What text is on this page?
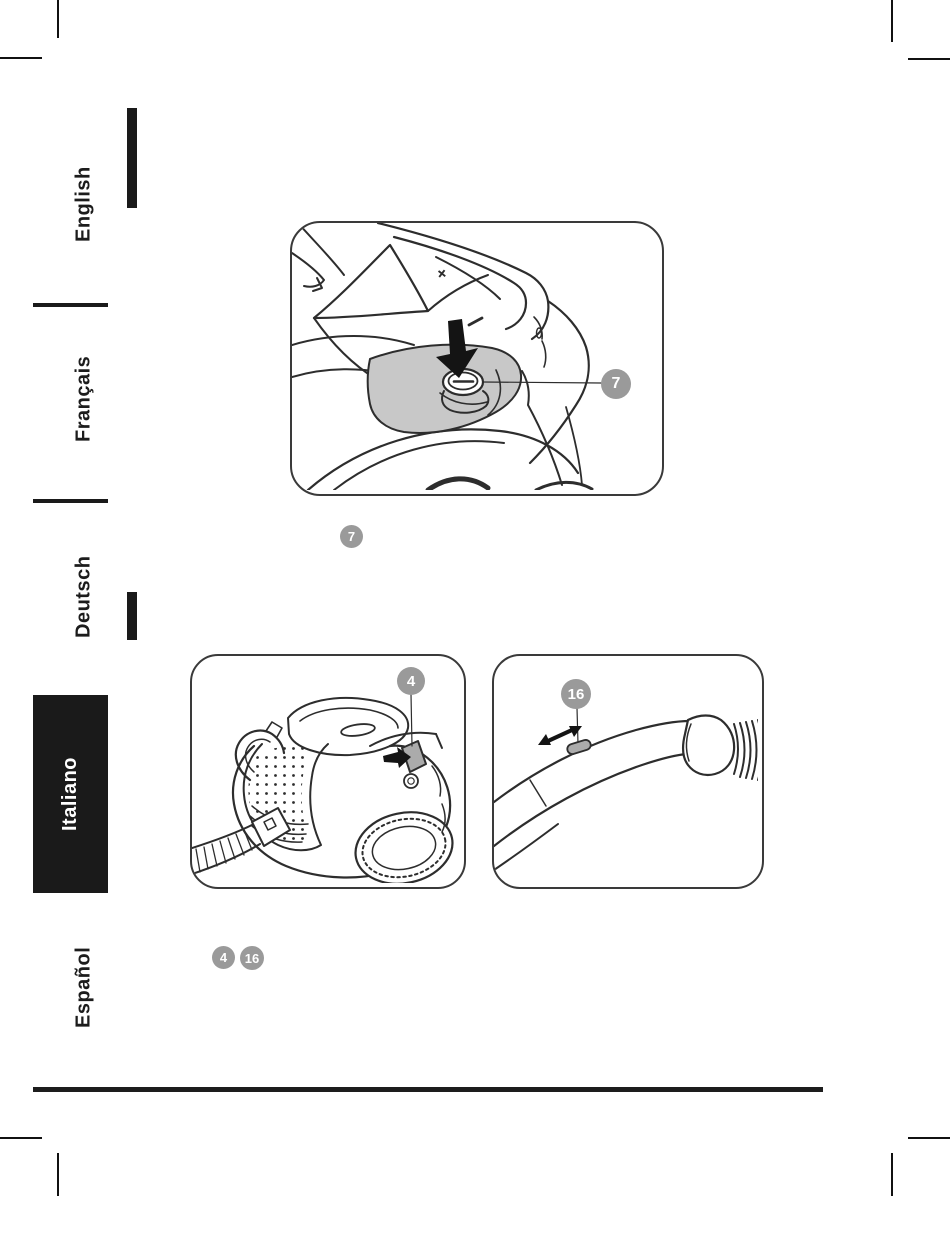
English
Français
Deutsch
Italiano
Español
+
7
7
4
16
4	16
